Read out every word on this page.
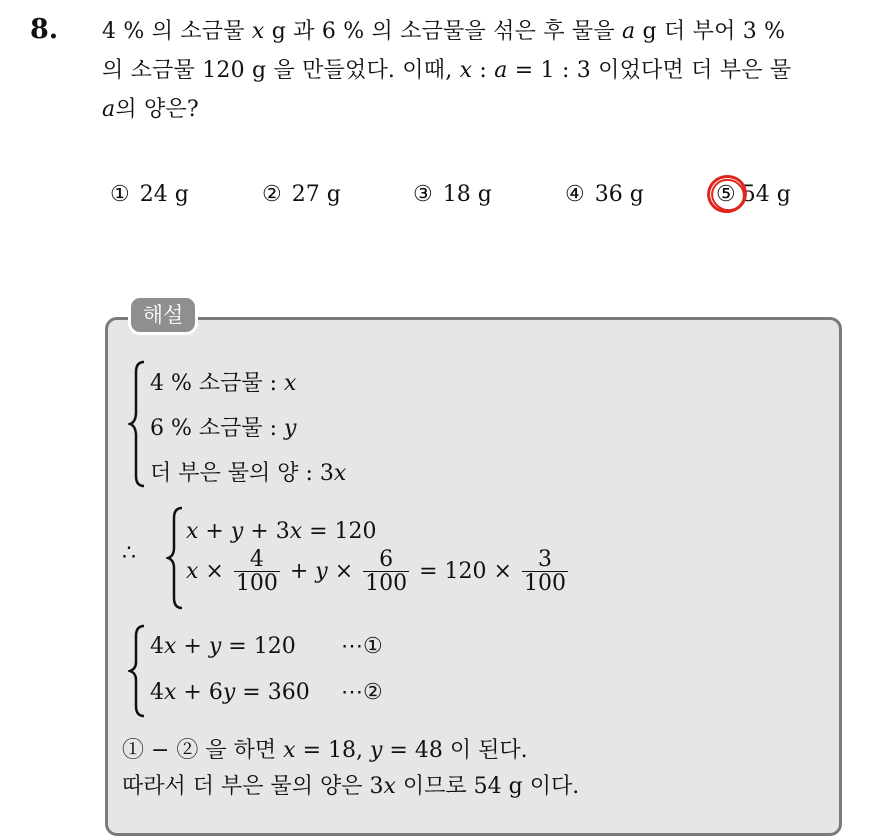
8. 4 % 의 소금물 x g 과 6 % 의 소금물을 섞은 후 물을 a g 더 부어 3 %
의 소금물 120 g 을 만들었다. 이때, x : a = 1 : 3 이었다면 더 부은 물
a의 양은?
① 24 g	② 27 g	③ 18 g	④ 36 g	⑤ 54 g
해설
4 % 소금물 : x
6 % 소금물 : y
더 부은 물의 양 : 3x
∴
x + y + 3x = 120
$x \times \frac{4}{100} + y \times \frac{6}{100} = 120 \times \frac{3}{100}$
4x + y = 120 ⋯①
4x + 6y = 360 ⋯②
① − ② 을 하면 x = 18, y = 48 이 된다.
따라서 더 부은 물의 양은 3x 이므로 54 g 이다.
